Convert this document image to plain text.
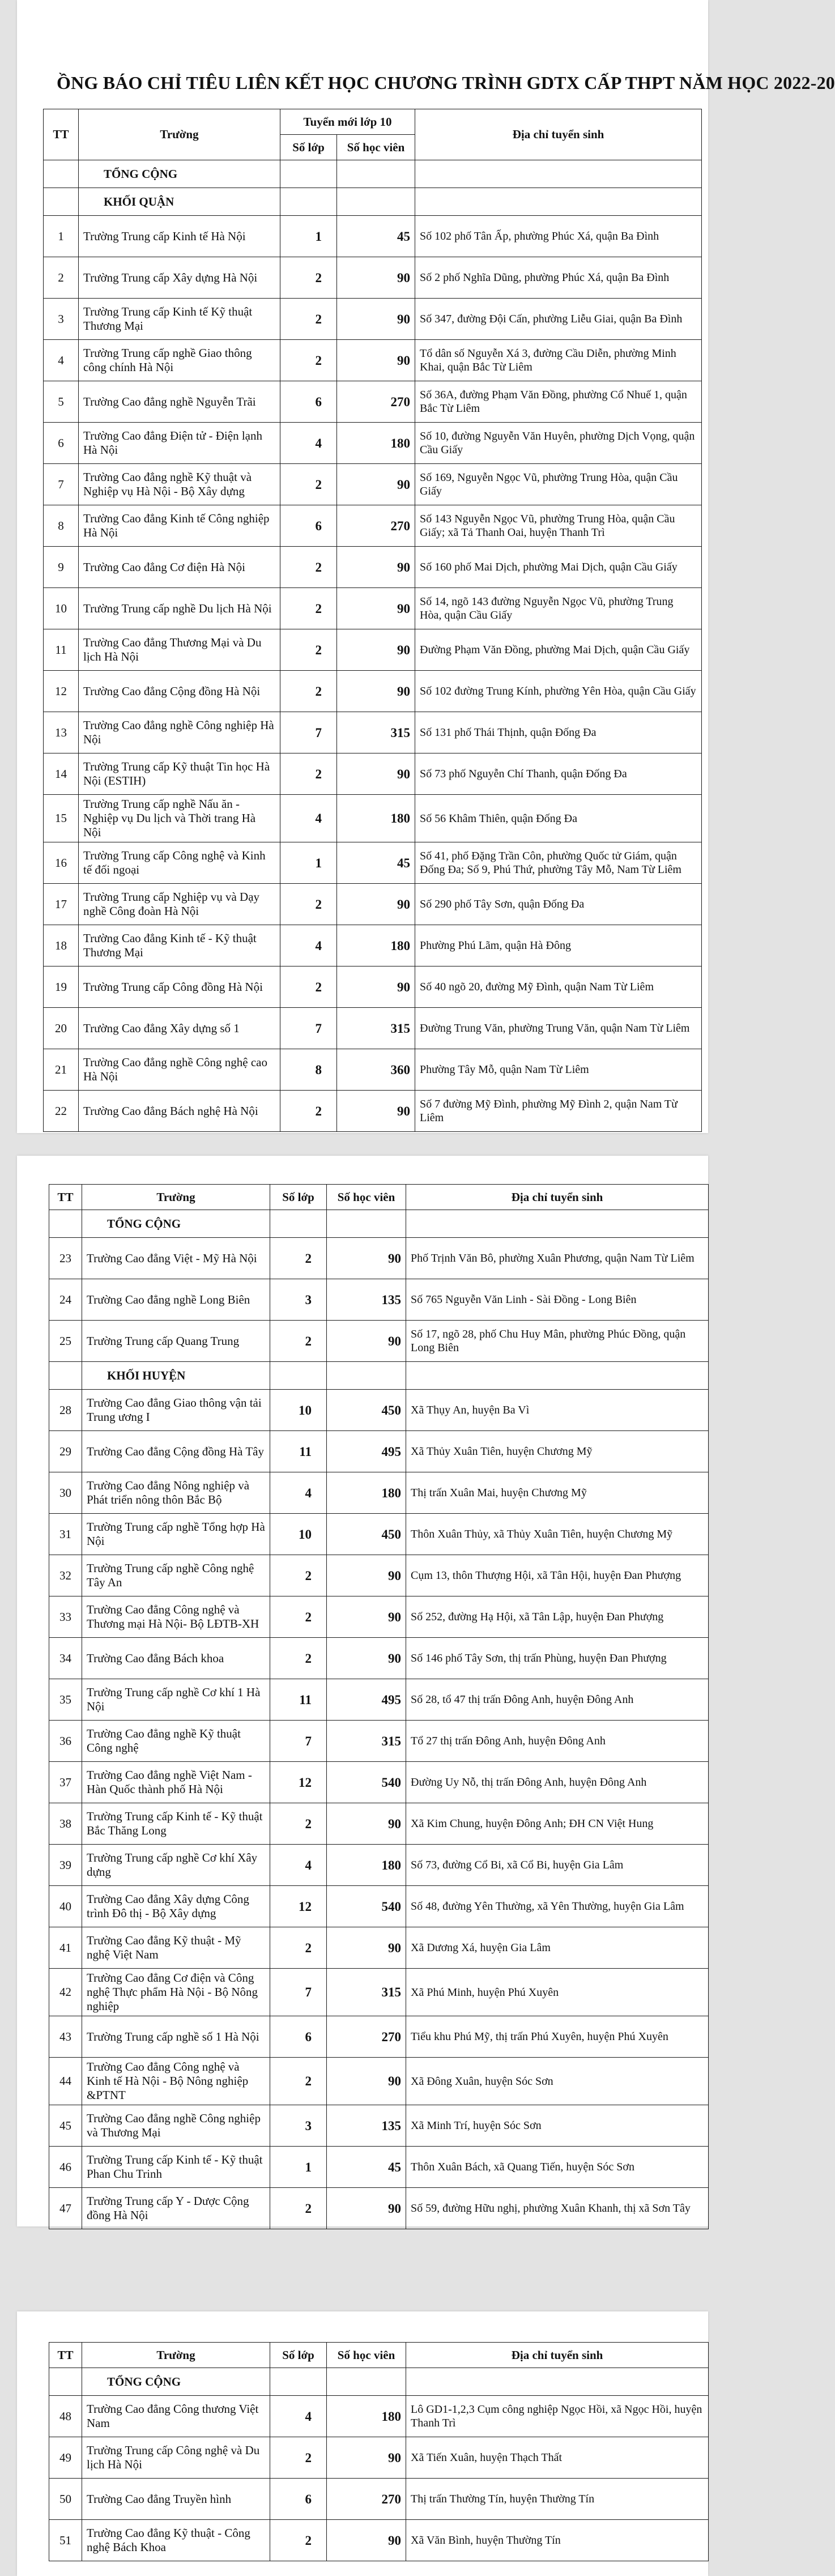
ỒNG BÁO CHỈ TIÊU LIÊN KẾT HỌC CHƯƠNG TRÌNH GDTX CẤP THPT NĂM HỌC 2022-20
TT	Trường	Tuyển mới lớp 10		Địa chỉ tuyển sinh
		Số lớp	Số học viên	
	TỔNG CỘNG			
	KHỐI QUẬN			
1	Trường Trung cấp Kinh tế Hà Nội	1	45	Số 102 phố Tân Ấp, phường Phúc Xá, quận Ba Đình
2	Trường Trung cấp Xây dựng Hà Nội	2	90	Số 2 phố Nghĩa Dũng, phường Phúc Xá, quận Ba Đình
3	Trường Trung cấp Kinh tế Kỹ thuật Thương Mại	2	90	Số 347, đường Đội Cấn, phường Liễu Giai, quận Ba Đình
4	Trường Trung cấp nghề Giao thông công chính Hà Nội	2	90	Tổ dân số Nguyễn Xá 3, đường Cầu Diễn, phường Minh Khai, quận Bắc Từ Liêm
5	Trường Cao đẳng nghề Nguyễn Trãi	6	270	Số 36A, đường Phạm Văn Đồng, phường Cổ Nhuế 1, quận Bắc Từ Liêm
6	Trường Cao đẳng Điện tử - Điện lạnh Hà Nội	4	180	Số 10, đường Nguyễn Văn Huyên, phường Dịch Vọng, quận Cầu Giấy
7	Trường Cao đẳng nghề Kỹ thuật và Nghiệp vụ Hà Nội - Bộ Xây dựng	2	90	Số 169, Nguyễn Ngọc Vũ, phường Trung Hòa, quận Cầu Giấy
8	Trường Cao đẳng Kinh tế Công nghiệp Hà Nội	6	270	Số 143 Nguyễn Ngọc Vũ, phường Trung Hòa, quận Cầu Giấy; xã Tả Thanh Oai, huyện Thanh Trì
9	Trường Cao đẳng Cơ điện Hà Nội	2	90	Số 160 phố Mai Dịch, phường Mai Dịch, quận Cầu Giấy
10	Trường Trung cấp nghề Du lịch Hà Nội	2	90	Số 14, ngõ 143 đường Nguyễn Ngọc Vũ, phường Trung Hòa, quận Cầu Giấy
11	Trường Cao đẳng Thương Mại và Du lịch Hà Nội	2	90	Đường Phạm Văn Đồng, phường Mai Dịch, quận Cầu Giấy
12	Trường Cao đẳng Cộng đồng Hà Nội	2	90	Số 102 đường Trung Kính, phường Yên Hòa, quận Cầu Giấy
13	Trường Cao đẳng nghề Công nghiệp Hà Nội	7	315	Số 131 phố Thái Thịnh, quận Đống Đa
14	Trường Trung cấp Kỹ thuật Tin học Hà Nội (ESTIH)	2	90	Số 73 phố Nguyễn Chí Thanh, quận Đống Đa
15	Trường Trung cấp nghề Nấu ăn - Nghiệp vụ Du lịch và Thời trang Hà Nội	4	180	Số 56 Khâm Thiên, quận Đống Đa
16	Trường Trung cấp Công nghệ và Kinh tế đối ngoại	1	45	Số 41, phố Đặng Trần Côn, phường Quốc tử Giám, quận Đống Đa; Số 9, Phú Thứ, phường Tây Mỗ, Nam Từ Liêm
17	Trường Trung cấp Nghiệp vụ và Dạy nghề Công đoàn Hà Nội	2	90	Số 290 phố Tây Sơn, quận Đống Đa
18	Trường Cao đẳng Kinh tế - Kỹ thuật Thương Mại	4	180	Phường Phú Lãm, quận Hà Đông
19	Trường Trung cấp Công đồng Hà Nội	2	90	Số 40 ngõ 20, đường Mỹ Đình, quận Nam Từ Liêm
20	Trường Cao đẳng Xây dựng số 1	7	315	Đường Trung Văn, phường Trung Văn, quận Nam Từ Liêm
21	Trường Cao đẳng nghề Công nghệ cao Hà Nội	8	360	Phường Tây Mỗ, quận Nam Từ Liêm
22	Trường Cao đẳng Bách nghệ Hà Nội	2	90	Số 7 đường Mỹ Đình, phường Mỹ Đình 2, quận Nam Từ Liêm
TT	Trường	Số lớp	Số học viên	Địa chỉ tuyển sinh
	TỔNG CỘNG			
23	Trường Cao đẳng Việt - Mỹ Hà Nội	2	90	Phố Trịnh Văn Bô, phường Xuân Phương, quận Nam Từ Liêm
24	Trường Cao đẳng nghề Long Biên	3	135	Số 765 Nguyễn Văn Linh - Sài Đồng - Long Biên
25	Trường Trung cấp Quang Trung	2	90	Số 17, ngõ 28, phố Chu Huy Mân, phường Phúc Đồng, quận Long Biên
	KHỐI HUYỆN			
28	Trường Cao đẳng Giao thông vận tải Trung ương I	10	450	Xã Thụy An, huyện Ba Vì
29	Trường Cao đẳng Cộng đồng Hà Tây	11	495	Xã Thủy Xuân Tiên, huyện Chương Mỹ
30	Trường Cao đẳng Nông nghiệp và Phát triển nông thôn Bắc Bộ	4	180	Thị trấn Xuân Mai, huyện Chương Mỹ
31	Trường Trung cấp nghề Tổng hợp Hà Nội	10	450	Thôn Xuân Thủy, xã Thủy Xuân Tiên, huyện Chương Mỹ
32	Trường Trung cấp nghề Công nghệ Tây An	2	90	Cụm 13, thôn Thượng Hội, xã Tân Hội, huyện Đan Phượng
33	Trường Cao đẳng Công nghệ và Thương mại Hà Nội- Bộ LĐTB-XH	2	90	Số 252, đường Hạ Hội, xã Tân Lập, huyện Đan Phượng
34	Trường Cao đẳng Bách khoa	2	90	Số 146 phố Tây Sơn, thị trấn Phùng, huyện Đan Phượng
35	Trường Trung cấp nghề Cơ khí 1 Hà Nội	11	495	Số 28, tổ 47 thị trấn Đông Anh, huyện Đông Anh
36	Trường Cao đẳng nghề Kỹ thuật Công nghệ	7	315	Tổ 27 thị trấn Đông Anh, huyện Đông Anh
37	Trường Cao đẳng nghề Việt Nam - Hàn Quốc thành phố Hà Nội	12	540	Đường Uy Nỗ, thị trấn Đông Anh, huyện Đông Anh
38	Trường Trung cấp Kinh tế - Kỹ thuật Bắc Thăng Long	2	90	Xã Kim Chung, huyện Đông Anh; ĐH CN Việt Hung
39	Trường Trung cấp nghề Cơ khí Xây dựng	4	180	Số 73, đường Cổ Bi, xã Cổ Bi, huyện Gia Lâm
40	Trường Cao đẳng Xây dựng Công trình Đô thị - Bộ Xây dựng	12	540	Số 48, đường Yên Thường, xã Yên Thường, huyện Gia Lâm
41	Trường Cao đẳng Kỹ thuật - Mỹ nghệ Việt Nam	2	90	Xã Dương Xá, huyện Gia Lâm
42	Trường Cao đẳng Cơ điện và Công nghệ Thực phẩm Hà Nội - Bộ Nông nghiệp	7	315	Xã Phú Minh, huyện Phú Xuyên
43	Trường Trung cấp nghề số 1 Hà Nội	6	270	Tiểu khu Phú Mỹ, thị trấn Phú Xuyên, huyện Phú Xuyên
44	Trường Cao đẳng Công nghệ và Kinh tế Hà Nội - Bộ Nông nghiệp &PTNT	2	90	Xã Đông Xuân, huyện Sóc Sơn
45	Trường Cao đẳng nghề Công nghiệp và Thương Mại	3	135	Xã Minh Trí, huyện Sóc Sơn
46	Trường Trung cấp Kinh tế - Kỹ thuật Phan Chu Trinh	1	45	Thôn Xuân Bách, xã Quang Tiến, huyện Sóc Sơn
47	Trường Trung cấp Y - Dược Cộng đồng Hà Nội	2	90	Số 59, đường Hữu nghị, phường Xuân Khanh, thị xã Sơn Tây
TT	Trường	Số lớp	Số học viên	Địa chỉ tuyển sinh
	TỔNG CỘNG			
48	Trường Cao đẳng Công thương Việt Nam	4	180	Lô GD1-1,2,3 Cụm công nghiệp Ngọc Hồi, xã Ngọc Hồi, huyện Thanh Trì
49	Trường Trung cấp Công nghệ và Du lịch Hà Nội	2	90	Xã Tiến Xuân, huyện Thạch Thất
50	Trường Cao đẳng Truyền hình	6	270	Thị trấn Thường Tín, huyện Thường Tín
51	Trường Cao đẳng Kỹ thuật - Công nghệ Bách Khoa	2	90	Xã Văn Bình, huyện Thường Tín
